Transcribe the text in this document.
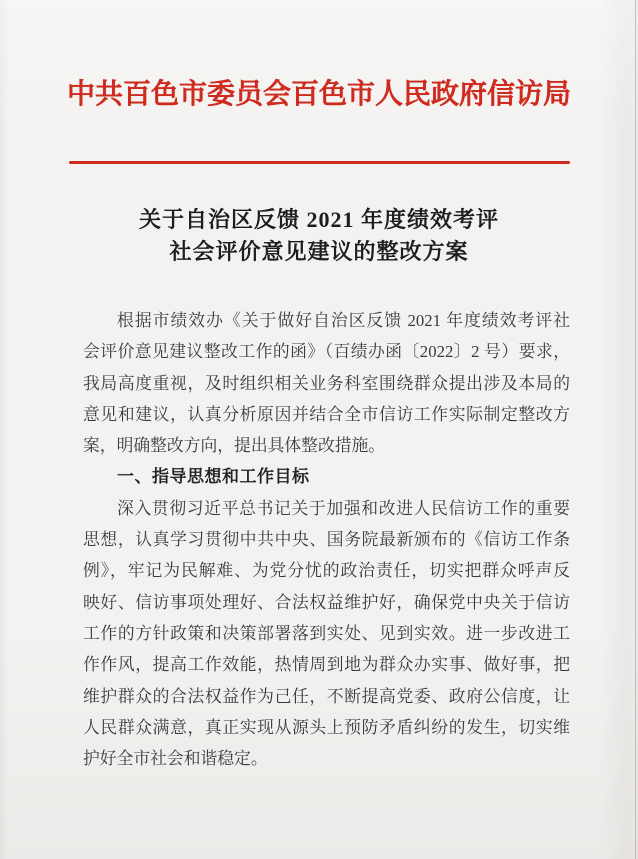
中共百色市委员会百色市人民政府信访局
关于自治区反馈 2021 年度绩效考评
社会评价意见建议的整改方案
根据市绩效办《关于做好自治区反馈 2021 年度绩效考评社
会评价意见建议整改工作的函》（百绩办函〔2022〕2 号）要求，
我局高度重视，及时组织相关业务科室围绕群众提出涉及本局的
意见和建议，认真分析原因并结合全市信访工作实际制定整改方
案，明确整改方向，提出具体整改措施。
一、指导思想和工作目标
深入贯彻习近平总书记关于加强和改进人民信访工作的重要
思想，认真学习贯彻中共中央、国务院最新颁布的《信访工作条
例》，牢记为民解难、为党分忧的政治责任，切实把群众呼声反
映好、信访事项处理好、合法权益维护好，确保党中央关于信访
工作的方针政策和决策部署落到实处、见到实效。进一步改进工
作作风，提高工作效能，热情周到地为群众办实事、做好事，把
维护群众的合法权益作为己任，不断提高党委、政府公信度，让
人民群众满意，真正实现从源头上预防矛盾纠纷的发生，切实维
护好全市社会和谐稳定。
